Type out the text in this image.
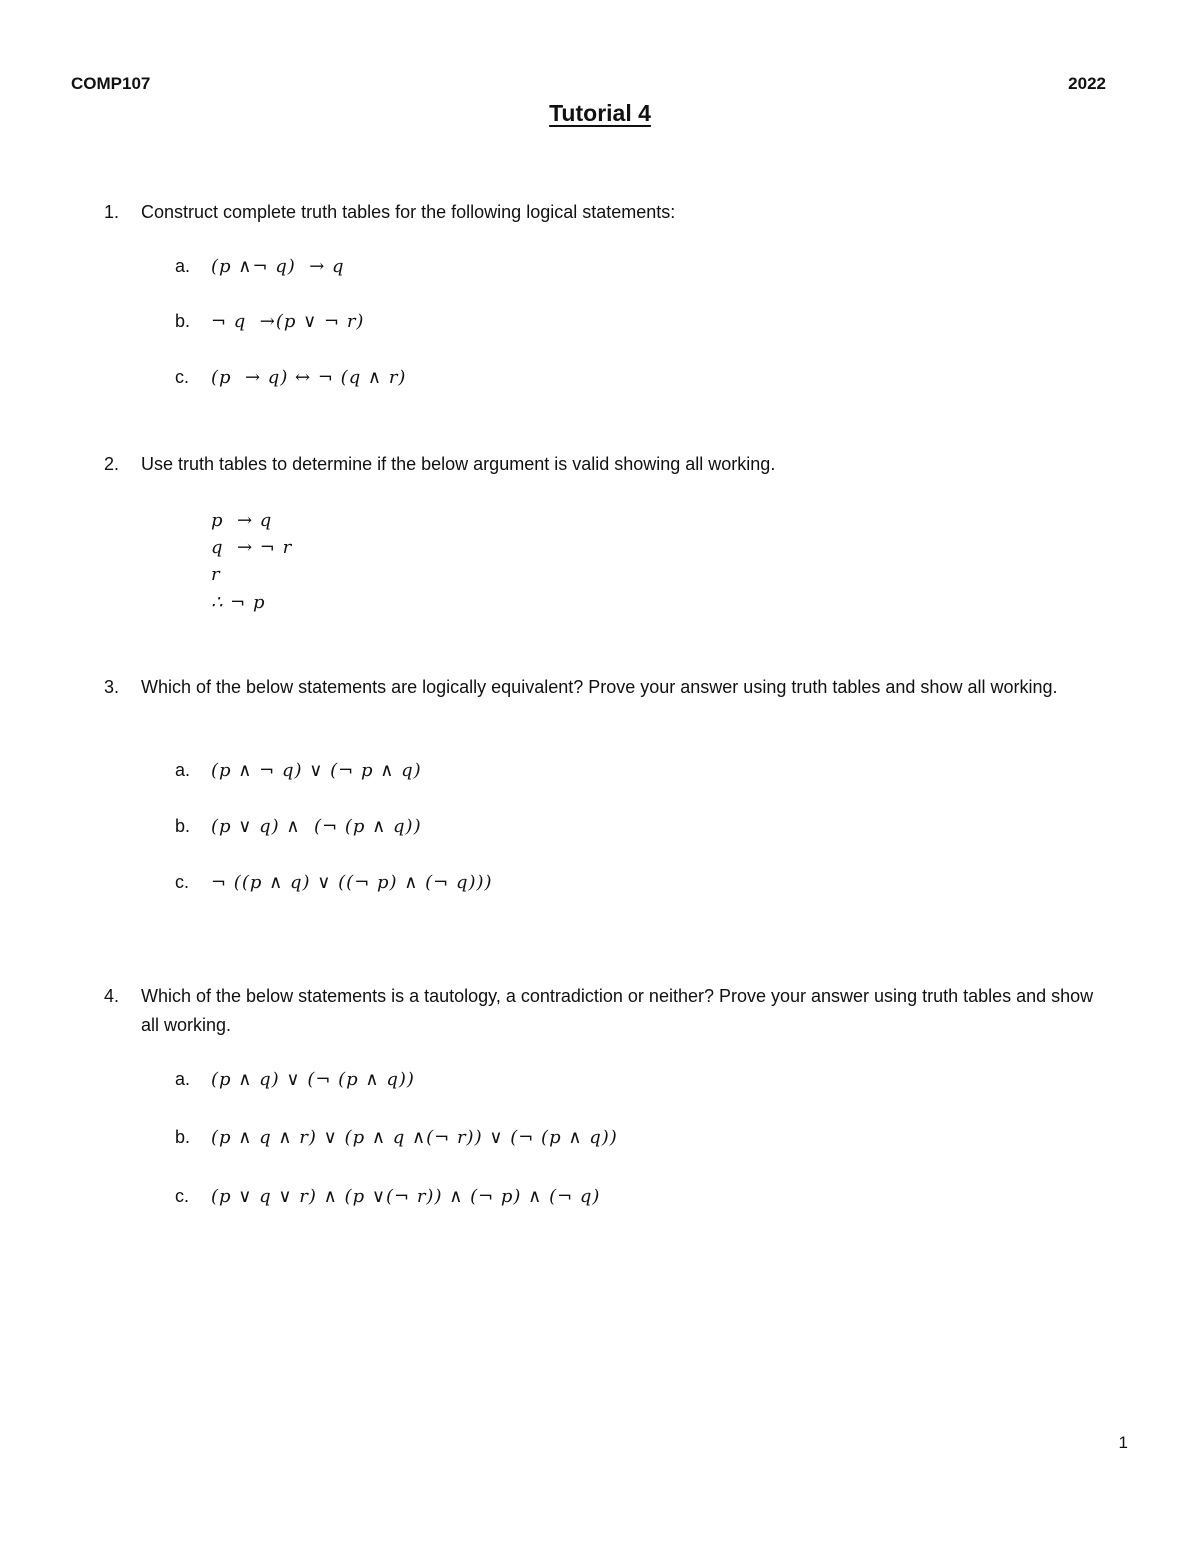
COMP107	2022
Tutorial 4
1.	Construct complete truth tables for the following logical statements:
a.	(p ∧¬ q)  → q
b.	¬ q  →(p ∨ ¬ r)
c.	(p  → q) ↔ ¬ (q ∧ r)
2.	Use truth tables to determine if the below argument is valid showing all working.
p  → q
q  → ¬ r
r
∴ ¬ p
3.	Which of the below statements are logically equivalent? Prove your answer using truth tables and show all working.
a.	(p ∧ ¬ q) ∨ (¬ p ∧ q)
b.	(p ∨ q) ∧  (¬ (p ∧ q))
c.	¬ ((p ∧ q) ∨ ((¬ p) ∧ (¬ q)))
4.	Which of the below statements is a tautology, a contradiction or neither? Prove your answer using truth tables and show all working.
a.	(p ∧ q) ∨ (¬ (p ∧ q))
b.	(p ∧ q ∧ r) ∨ (p ∧ q ∧(¬ r)) ∨ (¬ (p ∧ q))
c.	(p ∨ q ∨ r) ∧ (p ∨(¬ r)) ∧ (¬ p) ∧ (¬ q)
1
